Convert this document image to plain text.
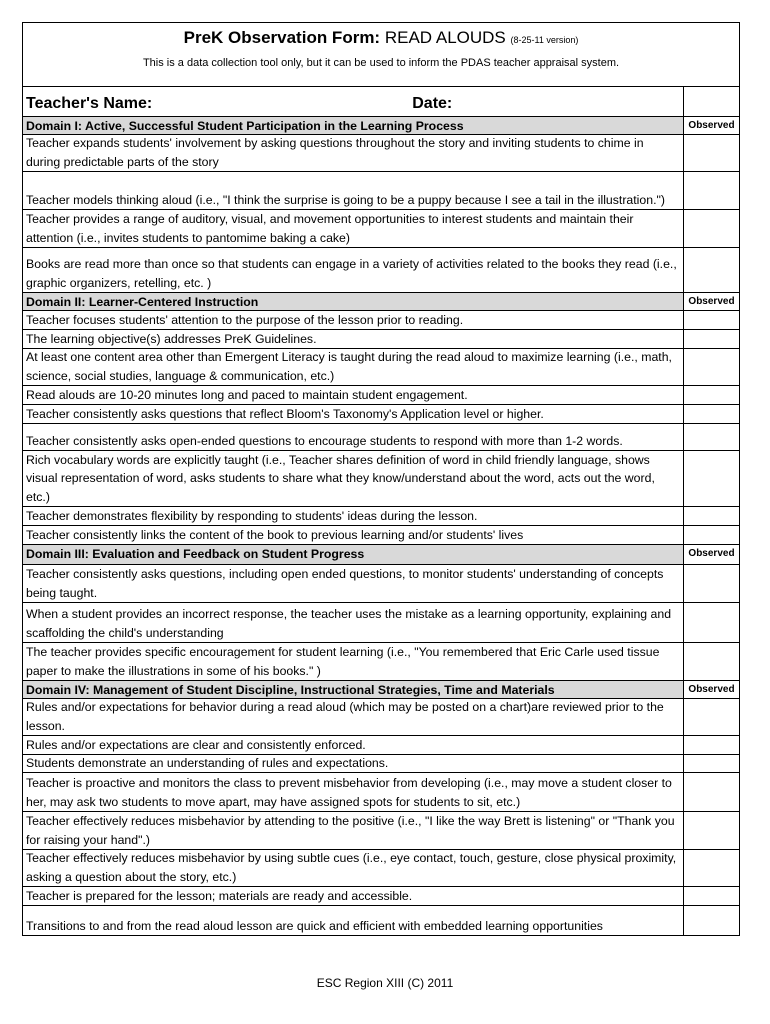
PreK Observation Form: READ ALOUDS (8-25-11 version)
This is a data collection tool only, but it can be used to inform the PDAS teacher appraisal system.
Teacher's Name:	Date:
Domain I: Active, Successful Student Participation in the Learning Process	Observed
Teacher expands students' involvement by asking questions throughout the story and inviting students to chime in during predictable parts of the story
Teacher models thinking aloud (i.e., "I think the surprise is going to be a puppy because I see a tail in the illustration.")
Teacher provides a range of auditory, visual, and movement opportunities to interest students and maintain their attention (i.e., invites students to pantomime baking a cake)
Books are read more than once so that students can engage in a variety of activities related to the books they read (i.e., graphic organizers, retelling, etc. )
Domain II: Learner-Centered Instruction	Observed
Teacher focuses students' attention to the purpose of the lesson prior to reading.
The learning objective(s) addresses PreK Guidelines.
At least one content area other than Emergent Literacy is taught during the read aloud to maximize learning (i.e., math, science, social studies, language & communication, etc.)
Read alouds are 10-20 minutes long and paced to maintain student engagement.
Teacher consistently asks questions that reflect Bloom's Taxonomy's Application level or higher.
Teacher consistently asks open-ended questions to encourage students to respond with more than 1-2 words.
Rich vocabulary words are explicitly taught (i.e., Teacher shares definition of word in child friendly language, shows visual representation of word, asks students to share what they know/understand about the word, acts out the word, etc.)
Teacher demonstrates flexibility by responding to students' ideas during the lesson.
Teacher consistently links the content of the book to previous learning and/or students' lives
Domain III: Evaluation and Feedback on Student Progress	Observed
Teacher consistently asks questions, including open ended questions, to monitor students' understanding of concepts being taught.
When a student provides an incorrect response, the teacher uses the mistake as a learning opportunity, explaining and scaffolding the child's understanding
The teacher provides specific encouragement for student learning (i.e., "You remembered that Eric Carle used tissue paper to make the illustrations in some of his books." )
Domain IV: Management of Student Discipline, Instructional Strategies, Time and Materials	Observed
Rules and/or expectations for behavior during a read aloud (which may be posted on a chart)are reviewed prior to the lesson.
Rules and/or expectations are clear and consistently enforced.
Students demonstrate an understanding of rules and expectations.
Teacher is proactive and monitors the class to prevent misbehavior from developing (i.e., may move a student closer to her, may ask two students to move apart, may have assigned spots for students to sit, etc.)
Teacher effectively reduces misbehavior by attending to the positive (i.e., "I like the way Brett is listening" or "Thank you for raising your hand".)
Teacher effectively reduces misbehavior by using subtle cues (i.e., eye contact, touch, gesture, close physical proximity, asking a question about the story, etc.)
Teacher is prepared for the lesson; materials are ready and accessible.
Transitions to and from the read aloud lesson are quick and efficient with embedded learning opportunities
ESC Region XIII (C) 2011
